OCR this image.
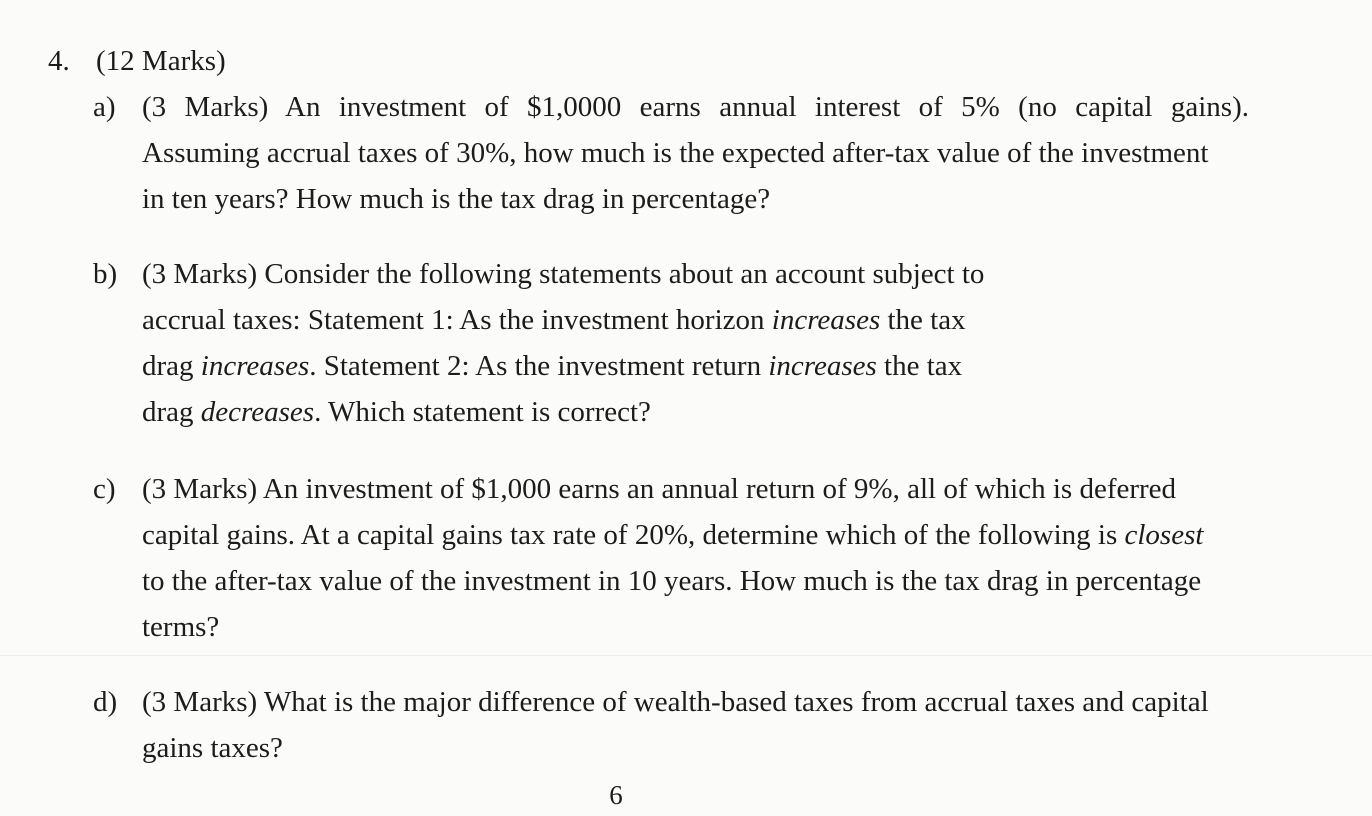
4. (12 Marks)
a) (3 Marks) An investment of $1,0000 earns annual interest of 5% (no capital gains).
Assuming accrual taxes of 30%, how much is the expected after-tax value of the investment
in ten years? How much is the tax drag in percentage?
b) (3 Marks) Consider the following statements about an account subject to
accrual taxes: Statement 1: As the investment horizon increases the tax
drag increases. Statement 2: As the investment return increases the tax
drag decreases. Which statement is correct?
c) (3 Marks) An investment of $1,000 earns an annual return of 9%, all of which is deferred
capital gains. At a capital gains tax rate of 20%, determine which of the following is closest
to the after-tax value of the investment in 10 years. How much is the tax drag in percentage
terms?
d) (3 Marks) What is the major difference of wealth-based taxes from accrual taxes and capital
gains taxes?
6
